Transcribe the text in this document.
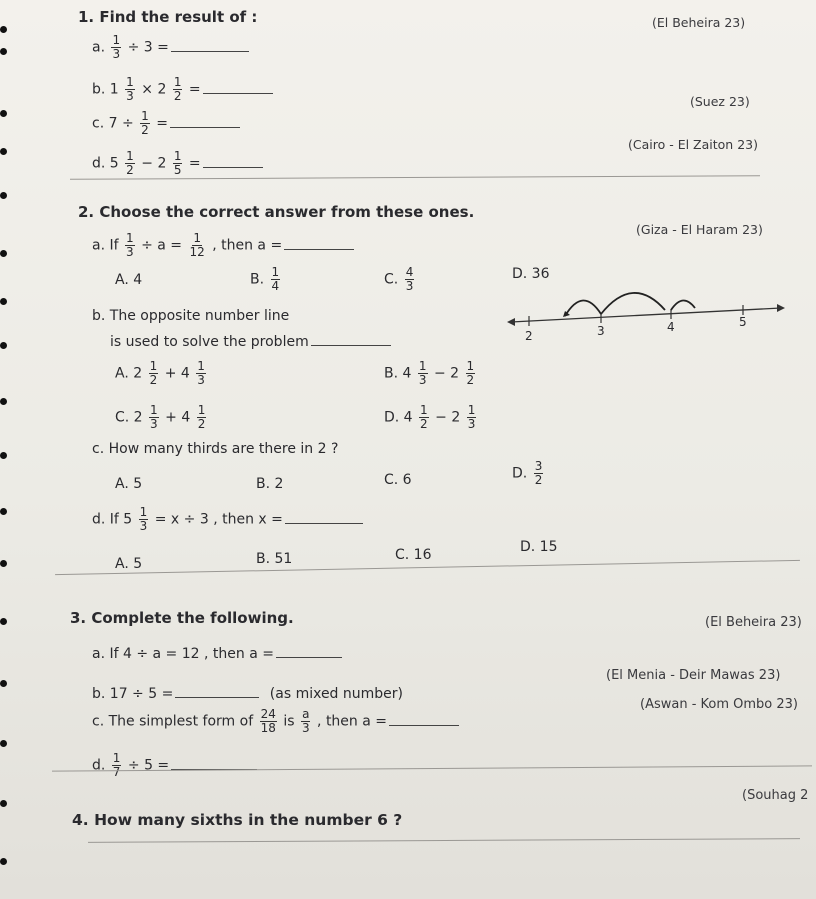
1. Find the result of :
a. $\frac{1}{3} \div 3$ =
(El Beheira 23)
b. $1 \frac{1}{3} \times 2 \frac{1}{2}$ =
c. $7 \div \frac{1}{2}$ =
(Suez 23)
d. $5 \frac{1}{2} - 2 \frac{1}{5}$ =
(Cairo - El Zaiton 23)
2. Choose the correct answer from these ones.
(Giza - El Haram 23)
a. If $\frac{1}{3} \div a = \frac{1}{12}$ , then a =
A. 4	B. $\frac{1}{4}$	C. $\frac{4}{3}$	D. 36
b. The opposite number line
is used to solve the problem	2	3	4	5
A. $2 \frac{1}{2} + 4 \frac{1}{3}$	B. $4 \frac{1}{3} - 2 \frac{1}{2}$
C. $2 \frac{1}{3} + 4 \frac{1}{2}$	D. $4 \frac{1}{2} - 2 \frac{1}{3}$
c. How many thirds are there in 2 ?
A. 5	B. 2	C. 6	D. $\frac{3}{2}$
d. If $5 \frac{1}{3} = x \div 3$ , then x =
A. 5	B. 51	C. 16	D. 15
3. Complete the following.
a. If 4 ÷ a = 12 , then a =
(El Beheira 23)
b. 17 ÷ 5 =	(as mixed number)
(El Menia - Deir Mawas 23)
c. The simplest form of $\frac{24}{18}$ is $\frac{a}{3}$ , then a =
(Aswan - Kom Ombo 23)
d. $\frac{1}{7} \div 5$ =
4. How many sixths in the number 6 ?
(Souhag 2
